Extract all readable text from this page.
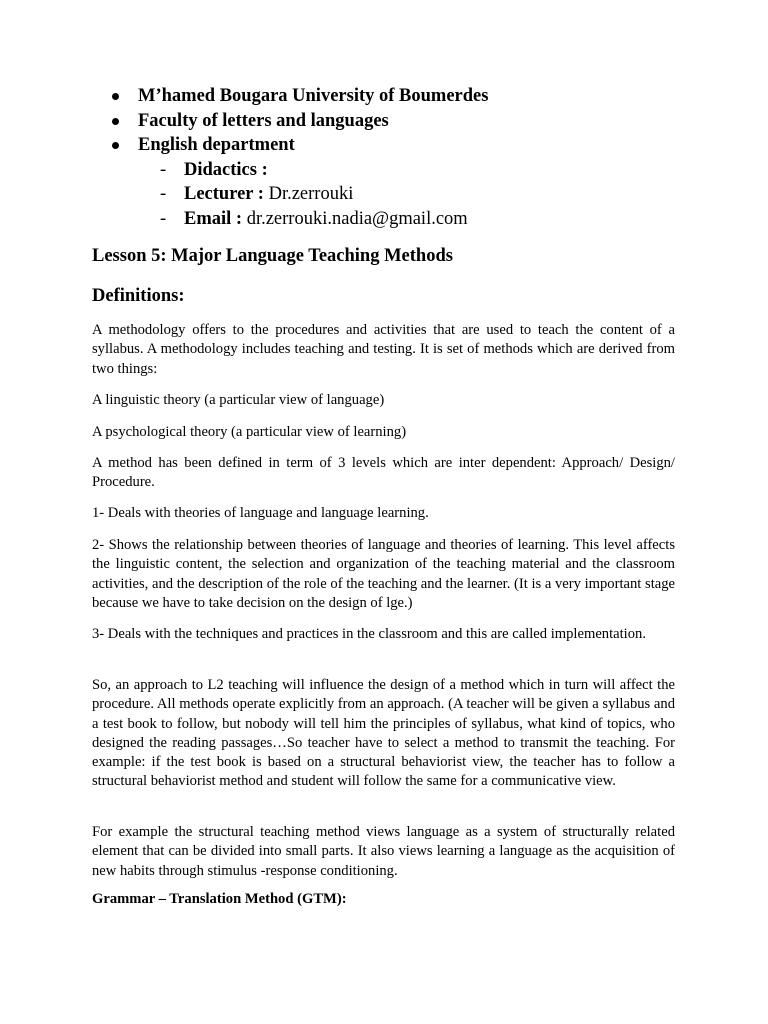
M’hamed Bougara University of Boumerdes
Faculty of letters and languages
English department
- Didactics :
- Lecturer : Dr.zerrouki
- Email : dr.zerrouki.nadia@gmail.com
Lesson 5: Major Language Teaching Methods
Definitions:

A methodology offers to the procedures and activities that are used to teach the content of a syllabus. A methodology includes teaching and testing. It is set of methods which are derived from two things:

A linguistic theory (a particular view of language)

A psychological theory (a particular view of learning)

A method has been defined in term of 3 levels which are inter dependent: Approach/ Design/ Procedure.

1- Deals with theories of language and language learning.

2- Shows the relationship between theories of language and theories of learning. This level affects the linguistic content, the selection and organization of the teaching material and the classroom activities, and the description of the role of the teaching and the learner. (It is a very important stage because we have to take decision on the design of lge.)

3- Deals with the techniques and practices in the classroom and this are called implementation.

So, an approach to L2 teaching will influence the design of a method which in turn will affect the procedure. All methods operate explicitly from an approach. (A teacher will be given a syllabus and a test book to follow, but nobody will tell him the principles of syllabus, what kind of topics, who designed the reading passages…So teacher have to select a method to transmit the teaching. For example: if the test book is based on a structural behaviorist view, the teacher has to follow a structural behaviorist method and student will follow the same for a communicative view.

For example the structural teaching method views language as a system of structurally related element that can be divided into small parts. It also views learning a language as the acquisition of new habits through stimulus -response conditioning.

Grammar – Translation Method (GTM):
